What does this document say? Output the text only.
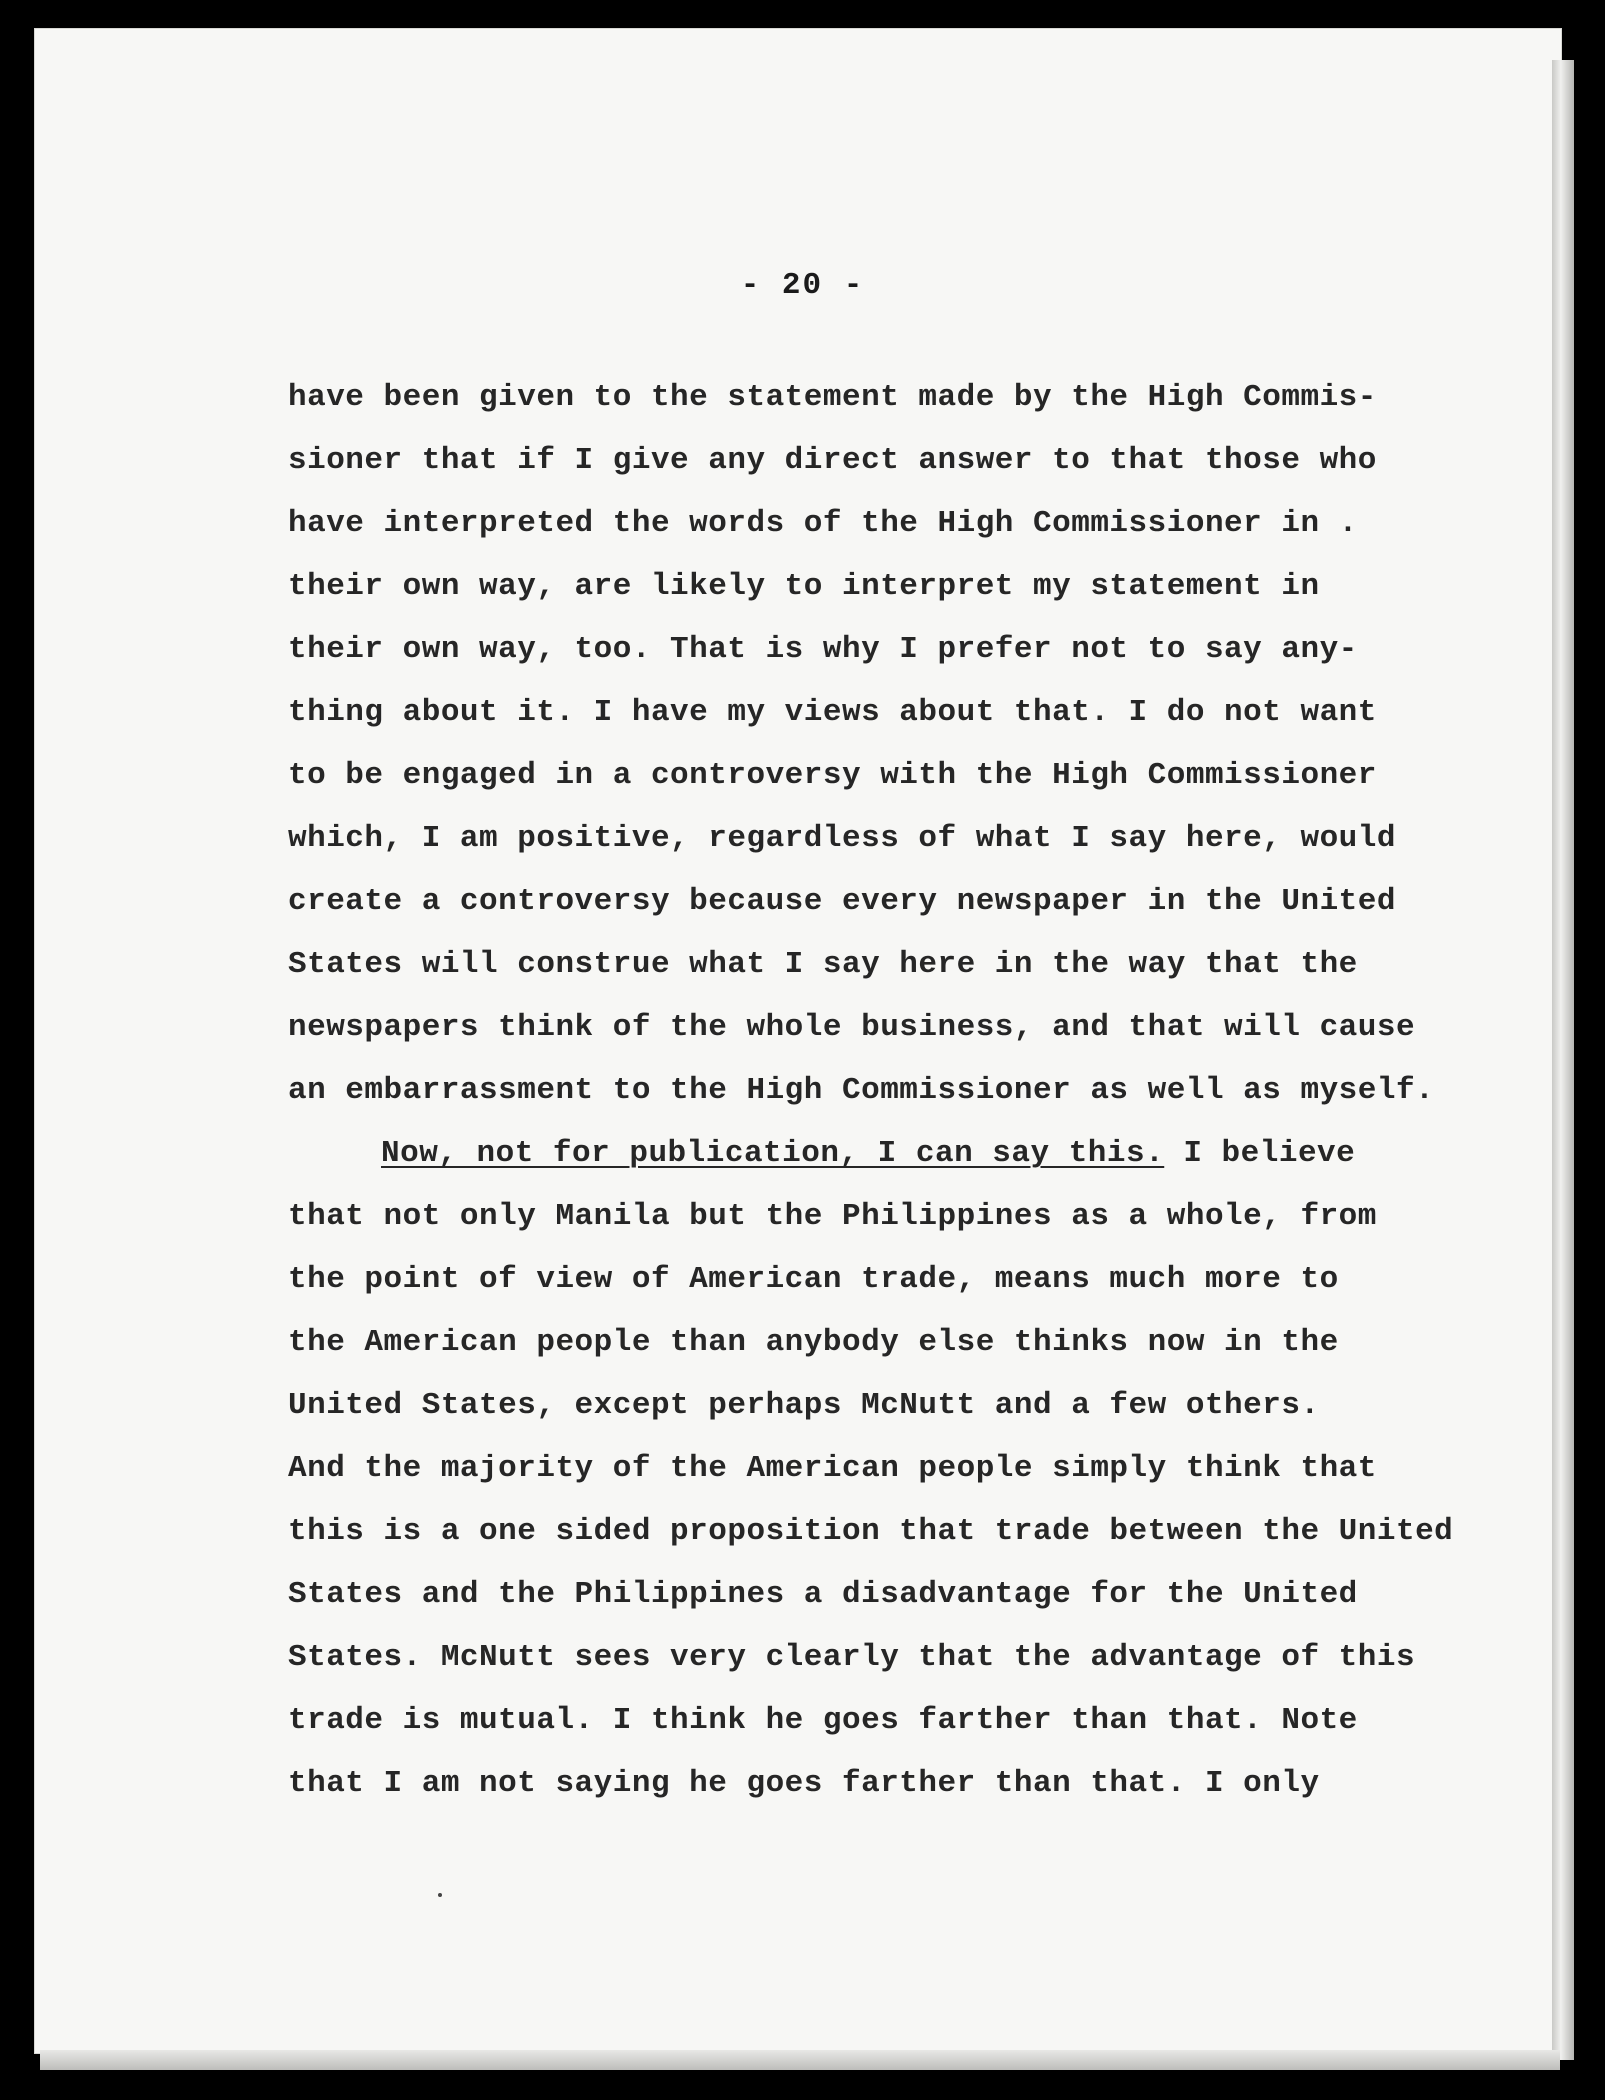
- 20 -
have been given to the statement made by the High Commis-
sioner that if I give any direct answer to that those who
have interpreted the words of the High Commissioner in .
their own way, are likely to interpret my statement in
their own way, too. That is why I prefer not to say any-
thing about it. I have my views about that. I do not want
to be engaged in a controversy with the High Commissioner
which, I am positive, regardless of what I say here, would
create a controversy because every newspaper in the United
States will construe what I say here in the way that the
newspapers think of the whole business, and that will cause
an embarrassment to the High Commissioner as well as myself.
Now, not for publication, I can say this. I believe
that not only Manila but the Philippines as a whole, from
the point of view of American trade, means much more to
the American people than anybody else thinks now in the
United States, except perhaps McNutt and a few others.
And the majority of the American people simply think that
this is a one sided proposition that trade between the United
States and the Philippines a disadvantage for the United
States. McNutt sees very clearly that the advantage of this
trade is mutual. I think he goes farther than that. Note
that I am not saying he goes farther than that. I only
